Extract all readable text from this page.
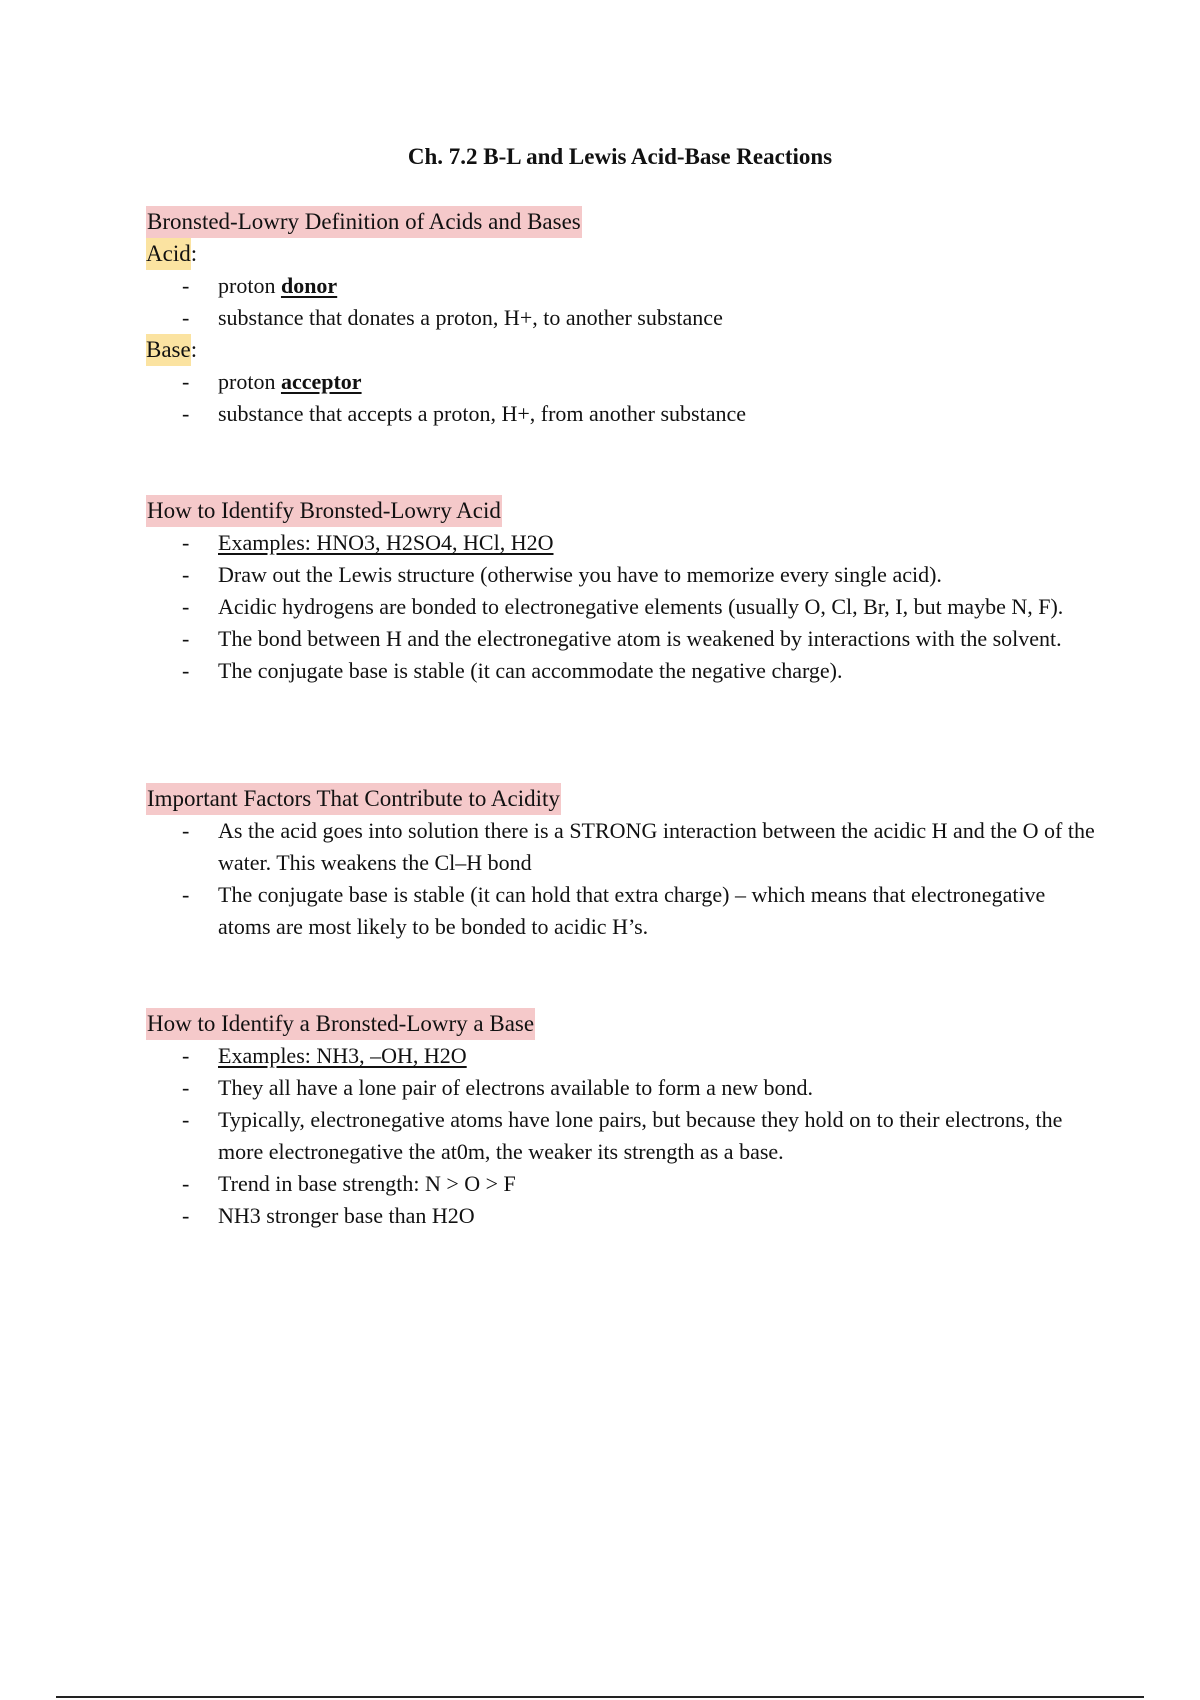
Ch. 7.2 B-L and Lewis Acid-Base Reactions
Bronsted-Lowry Definition of Acids and Bases
Acid:
- proton donor
- substance that donates a proton, H+, to another substance
Base:
- proton acceptor
- substance that accepts a proton, H+, from another substance
How to Identify Bronsted-Lowry Acid
- Examples: HNO3, H2SO4, HCl, H2O
- Draw out the Lewis structure (otherwise you have to memorize every single acid).
- Acidic hydrogens are bonded to electronegative elements (usually O, Cl, Br, I, but maybe N, F).
- The bond between H and the electronegative atom is weakened by interactions with the solvent.
- The conjugate base is stable (it can accommodate the negative charge).
Important Factors That Contribute to Acidity
- As the acid goes into solution there is a STRONG interaction between the acidic H and the O of the water. This weakens the Cl–H bond
- The conjugate base is stable (it can hold that extra charge) – which means that electronegative atoms are most likely to be bonded to acidic H’s.
How to Identify a Bronsted-Lowry a Base
- Examples: NH3, –OH, H2O
- They all have a lone pair of electrons available to form a new bond.
- Typically, electronegative atoms have lone pairs, but because they hold on to their electrons, the more electronegative the at0m, the weaker its strength as a base.
- Trend in base strength: N > O > F
- NH3 stronger base than H2O
